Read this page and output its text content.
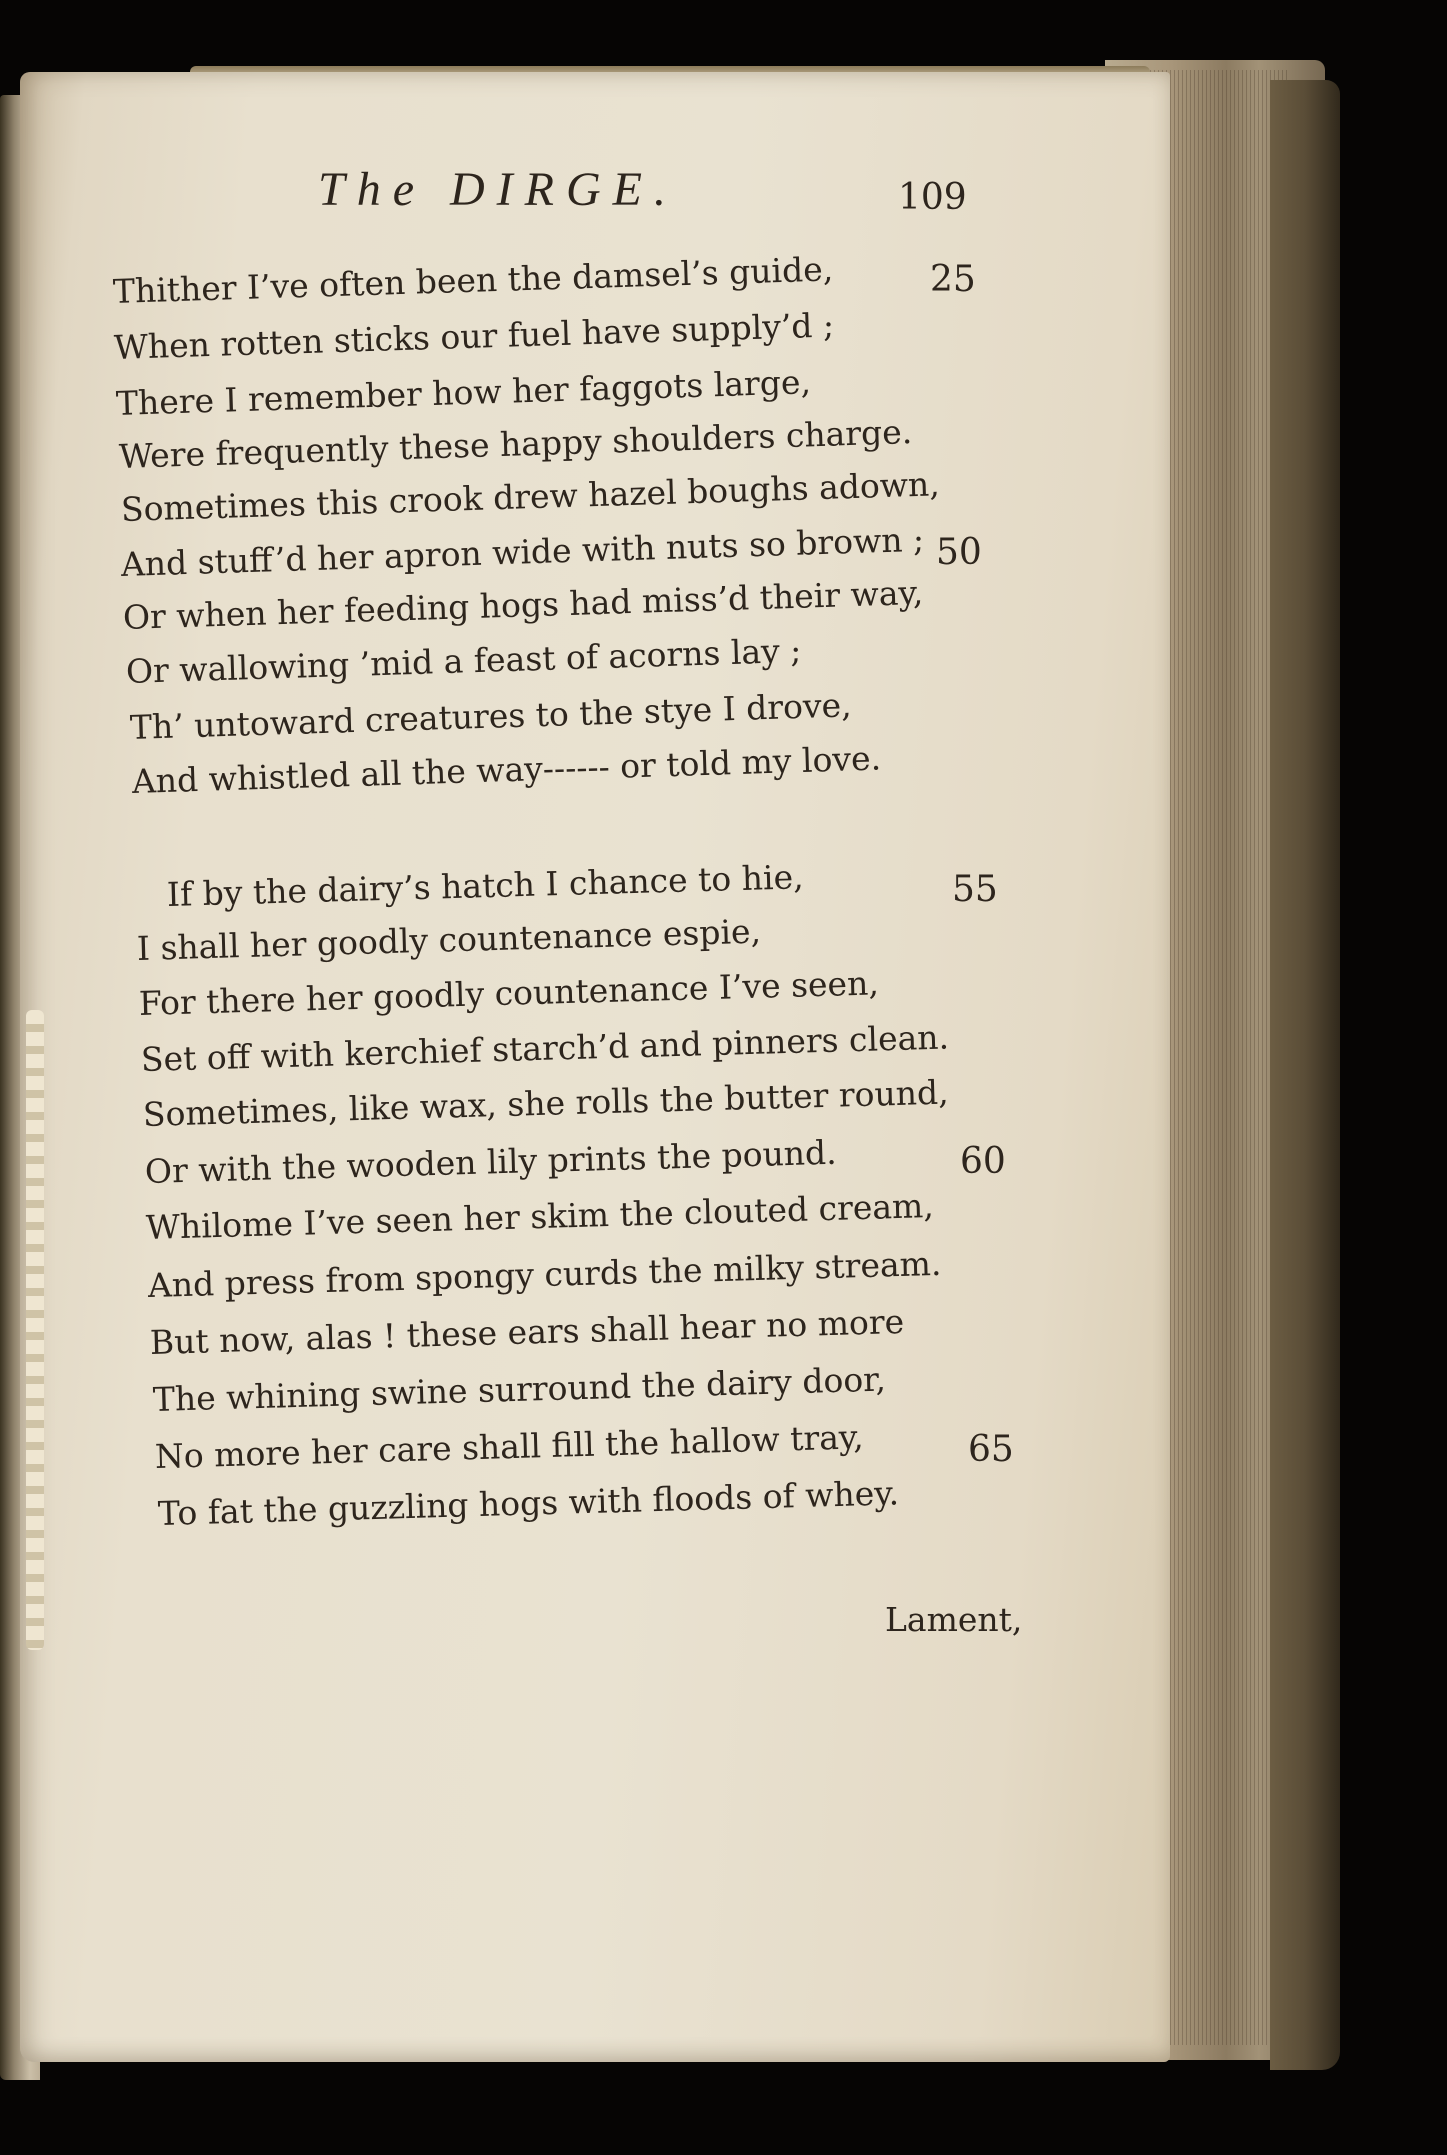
The DIRGE.	109
Thither I’ve often been the damsel’s guide,
When rotten sticks our fuel have supply’d ;
There I remember how her faggots large,
Were frequently these happy shoulders charge.
Sometimes this crook drew hazel boughs adown,
And stuff’d her apron wide with nuts so brown ;
Or when her feeding hogs had miss’d their way,
Or wallowing ’mid a feast of acorns lay ;
Th’ untoward creatures to the stye I drove,
And whistled all the way------ or told my love.
If by the dairy’s hatch I chance to hie,
I shall her goodly countenance espie,
For there her goodly countenance I’ve seen,
Set off with kerchief starch’d and pinners clean.
Sometimes, like wax, she rolls the butter round,
Or with the wooden lily prints the pound.
Whilome I’ve seen her skim the clouted cream,
And press from spongy curds the milky stream.
But now, alas ! these ears shall hear no more
The whining swine surround the dairy door,
No more her care shall fill the hallow tray,
To fat the guzzling hogs with floods of whey.
25
50
55
60
65
Lament,
